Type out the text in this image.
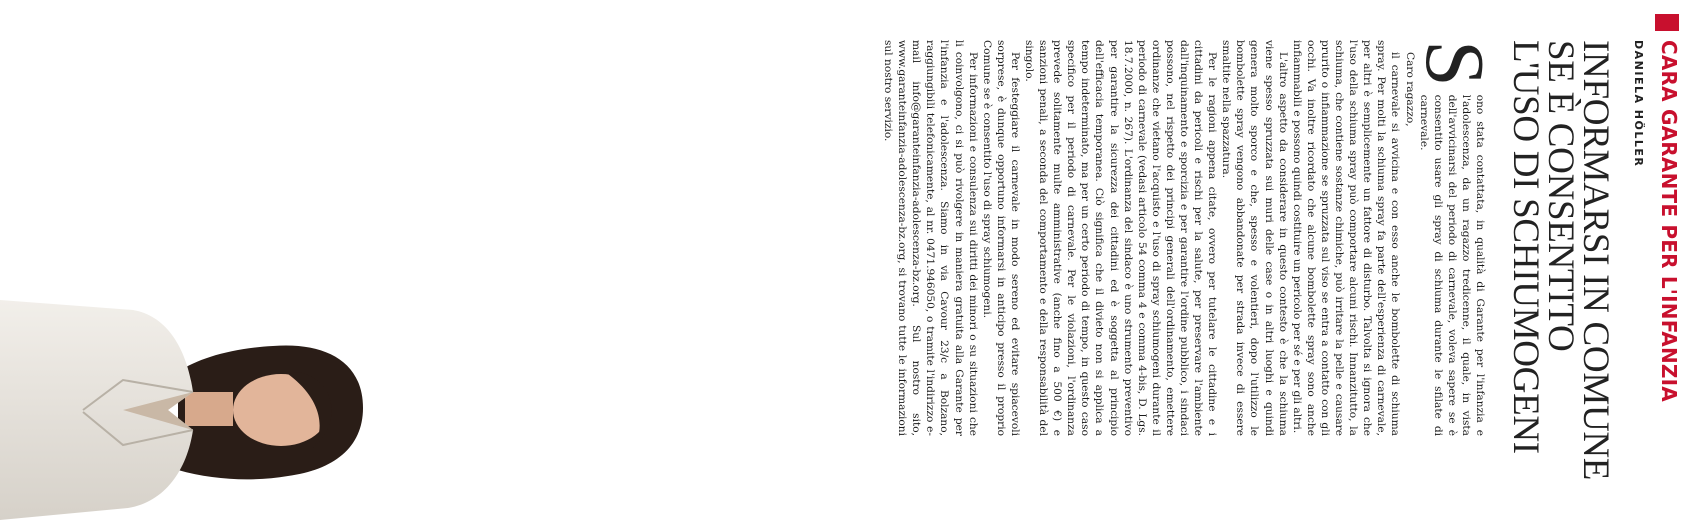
CARA GARANTE PER L'INFANZIA
DANIELA HÖLLER
INFORMARSI IN COMUNE
SE È CONSENTITO
L'USO DI SCHIUMOGENI

S
ono stata contattata, in qualità di Garante per l'infanzia e l'adolescenza, da un ragazzo tredicenne, il quale, in vista dell'avvicinarsi del periodo di carnevale, voleva sapere se è consentito usare gli spray di schiuma durante le sfilate di carnevale.

Caro ragazzo,

il carnevale si avvicina e con esso anche le bombolette di schiuma spray. Per molti la schiuma spray fa parte dell'esperienza di carnevale, per altri è semplicemente un fattore di disturbo. Talvolta si ignora che l'uso della schiuma spray può comportare alcuni rischi. Innanzitutto, la schiuma, che contiene sostanze chimiche, può irritare la pelle e causare prurito o infiammazione se spruzzata sul viso se entra a contatto con gli occhi. Va inoltre ricordato che alcune bombolette spray sono anche infiammabili e possono quindi costituire un pericolo per sé e per gli altri.

L'altro aspetto da considerare in questo contesto è che la schiuma viene spesso spruzzata sui muri delle case o in altri luoghi e quindi genera molto sporco e che, spesso e volentieri, dopo l'utilizzo le bombolette spray vengono abbandonate per strada invece di essere smaltite nella spazzatura.

Per le ragioni appena citate, ovvero per tutelare le cittadine e i cittadini da pericoli e rischi per la salute, per preservare l'ambiente dall'inquinamento e sporcizia e per garantire l'ordine pubblico, i sindaci possono, nel rispetto dei principi generali dell'ordinamento, emettere ordinanze che vietano l'acquisto e l'uso di spray schiumogeni durante il periodo di carnevale (vedasi articolo 54 comma 4 e comma 4-bis, D. Lgs. 18.7.2000, n. 267). L'ordinanza del sindaco è uno strumento preventivo per garantire la sicurezza dei cittadini ed è soggetta al principio dell'efficacia temporanea. Ciò significa che il divieto non si applica a tempo indeterminato, ma per un certo periodo di tempo, in questo caso specifico per il periodo di carnevale. Per le violazioni, l'ordinanza prevede solitamente multe amministrative (anche fino a 500 €) e sanzioni penali, a seconda del comportamento e della responsabilità del singolo.

Per festeggiare il carnevale in modo sereno ed evitare spiacevoli sorprese, è dunque opportuno informarsi in anticipo presso il proprio Comune se è consentito l'uso di spray schiumogeni.

Per informazioni e consulenza sui diritti dei minori o su situazioni che li coinvolgono, ci si può rivolgere in maniera gratuita alla Garante per l'infanzia e l'adolescenza. Siamo in via Cavour 23/c a Bolzano, raggiungibili telefonicamente, al nr. 0471.946050, o tramite l'indirizzo e-mail info@garanteinfanzia-adolescenza-bz.org. Sul nostro sito, www.garanteinfanzia-adolescenza-bz.org, si trovano tutte le informazioni sul nostro servizio.
